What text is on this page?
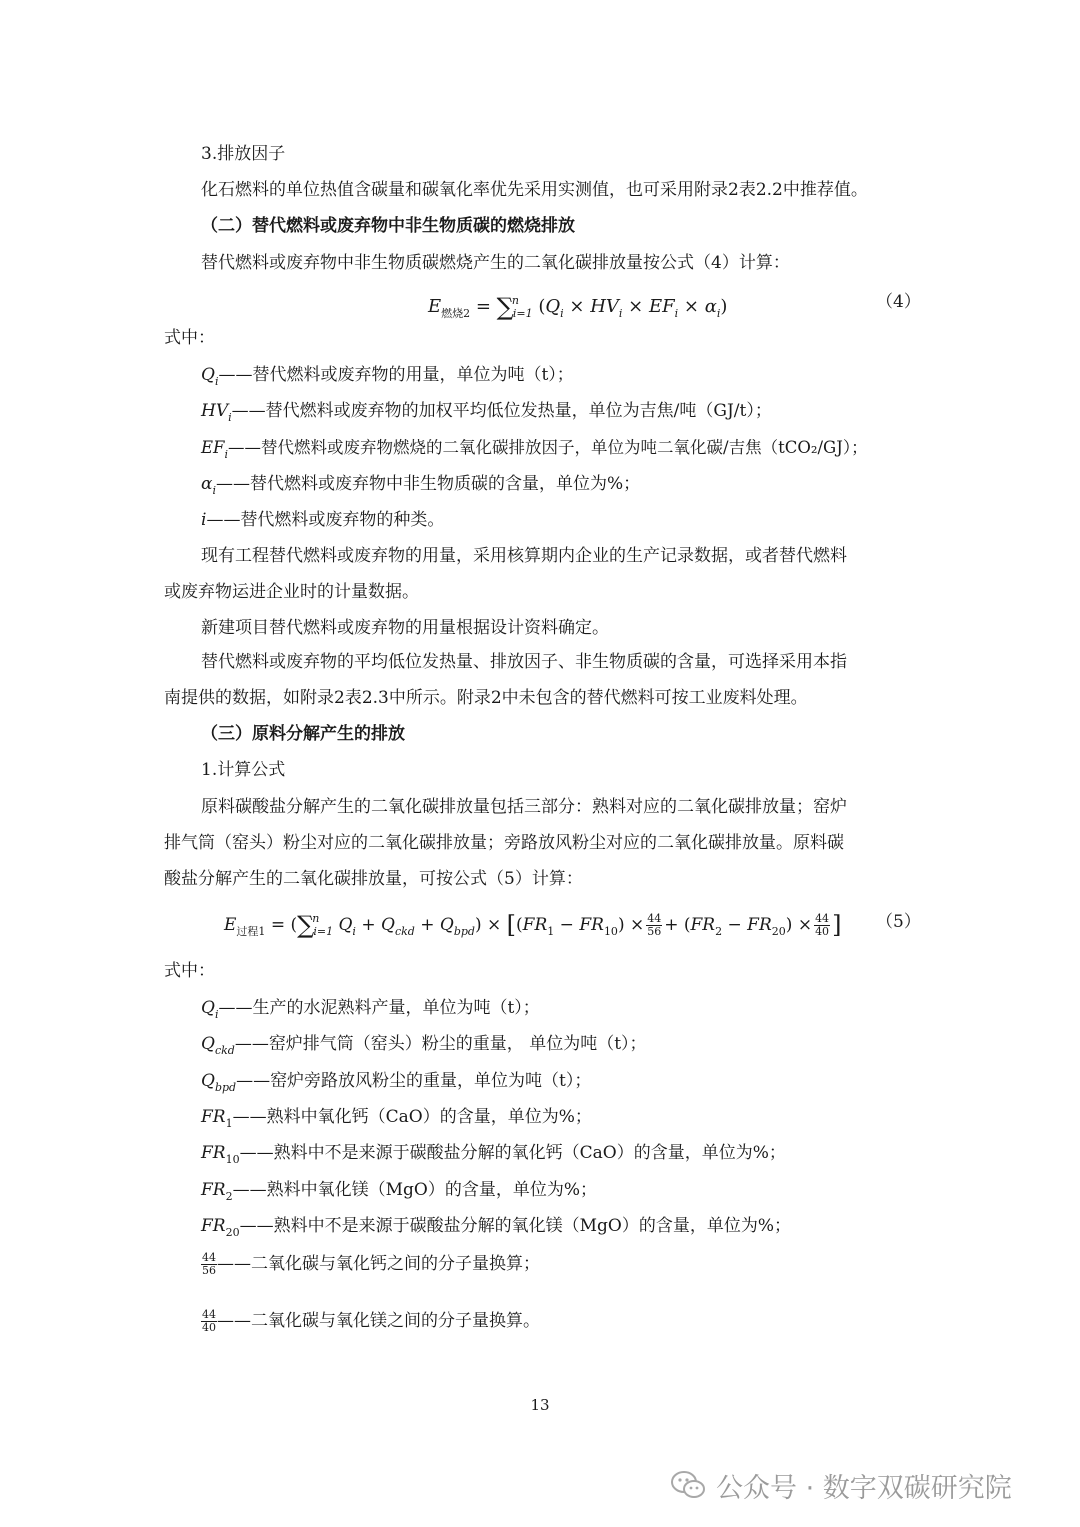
3.排放因子
化石燃料的单位热值含碳量和碳氧化率优先采用实测值，也可采用附录2表2.2中推荐值。
（二）替代燃料或废弃物中非生物质碳的燃烧排放
替代燃料或废弃物中非生物质碳燃烧产生的二氧化碳排放量按公式（4）计算：
$E_{燃烧2} = \sum^n_{i=1}$ $(Q_i \times HV_i \times EF_i \times \alpha_i)$	（4）
式中：
$Q_i——$替代燃料或废弃物的用量，单位为吨（t）；
$HV_i——$替代燃料或废弃物的加权平均低位发热量，单位为吉焦/吨（GJ/t）；
$EF_i——$替代燃料或废弃物燃烧的二氧化碳排放因子，单位为吨二氧化碳/吉焦（tCO₂/GJ）；
$\alpha_i——$替代燃料或废弃物中非生物质碳的含量，单位为%；
i——替代燃料或废弃物的种类。
现有工程替代燃料或废弃物的用量，采用核算期内企业的生产记录数据，或者替代燃料
或废弃物运进企业时的计量数据。
新建项目替代燃料或废弃物的用量根据设计资料确定。
替代燃料或废弃物的平均低位发热量、排放因子、非生物质碳的含量，可选择采用本指
南提供的数据，如附录2表2.3中所示。附录2中未包含的替代燃料可按工业废料处理。
（三）原料分解产生的排放
1.计算公式
原料碳酸盐分解产生的二氧化碳排放量包括三部分：熟料对应的二氧化碳排放量；窑炉
排气筒（窑头）粉尘对应的二氧化碳排放量；旁路放风粉尘对应的二氧化碳排放量。原料碳
酸盐分解产生的二氧化碳排放量，可按公式（5）计算：
$E_{过程1} = (\sum^n_{i=1}$ $Q_i + Q_{ckd} + Q_{bpd}) \times [(FR_1 - FR_{10}) \times \frac{44}{56} + (FR_2 - FR_{20}) \times \frac{44}{40}$ ] （5）
式中：
$Q_i——$生产的水泥熟料产量，单位为吨（t）；
$Q_{ckd}——$窑炉排气筒（窑头）粉尘的重量， 单位为吨（t）；
$Q_{bpd}——$窑炉旁路放风粉尘的重量，单位为吨（t）；
$FR_1——$熟料中氧化钙（CaO）的含量，单位为%；
$FR_{10}——$熟料中不是来源于碳酸盐分解的氧化钙（CaO）的含量，单位为%；
$FR_2——$熟料中氧化镁（MgO）的含量，单位为%；
$FR_{20}——$熟料中不是来源于碳酸盐分解的氧化镁（MgO）的含量，单位为%；
$\frac{44}{56}$ ——二氧化碳与氧化钙之间的分子量换算；
$\frac{44}{40}$ ——二氧化碳与氧化镁之间的分子量换算。
13
公众号 · 数字双碳研究院
